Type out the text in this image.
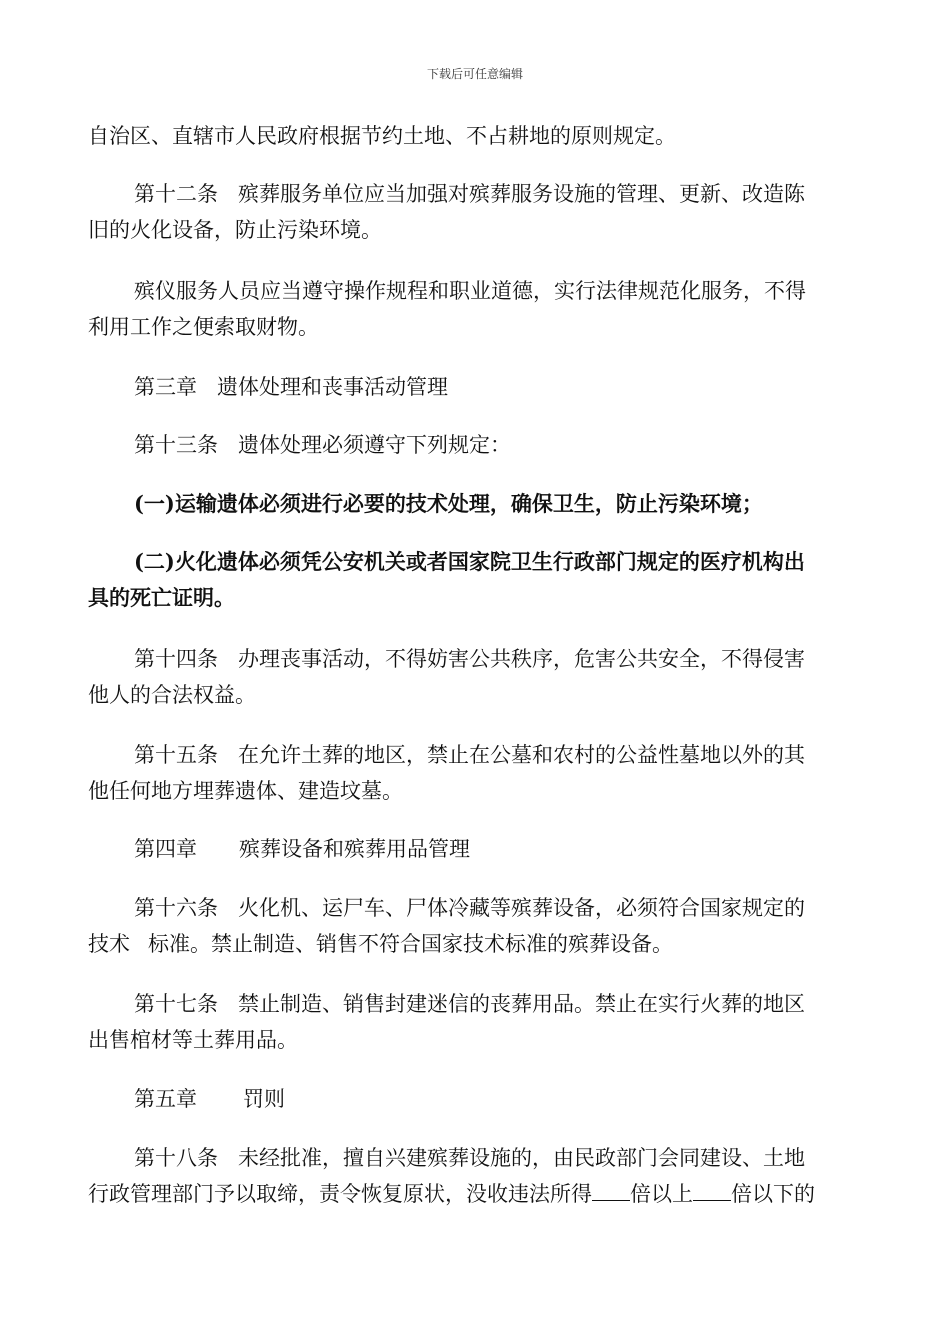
下载后可任意编辑
自治区、直辖市人民政府根据节约土地、不占耕地的原则规定。
第十二条 殡葬服务单位应当加强对殡葬服务设施的管理、更新、改造陈
旧的火化设备，防止污染环境。
殡仪服务人员应当遵守操作规程和职业道德，实行法律规范化服务，不得
利用工作之便索取财物。
第三章 遗体处理和丧事活动管理
第十三条 遗体处理必须遵守下列规定：
(一)运输遗体必须进行必要的技术处理，确保卫生，防止污染环境；
(二)火化遗体必须凭公安机关或者国家院卫生行政部门规定的医疗机构出
具的死亡证明。
第十四条 办理丧事活动，不得妨害公共秩序，危害公共安全，不得侵害
他人的合法权益。
第十五条 在允许土葬的地区，禁止在公墓和农村的公益性墓地以外的其
他任何地方埋葬遗体、建造坟墓。
第四章 殡葬设备和殡葬用品管理
第十六条 火化机、运尸车、尸体冷藏等殡葬设备，必须符合国家规定的
技术 标准。禁止制造、销售不符合国家技术标准的殡葬设备。
第十七条 禁止制造、销售封建迷信的丧葬用品。禁止在实行火葬的地区
出售棺材等土葬用品。
第五章 罚则
第十八条 未经批准，擅自兴建殡葬设施的，由民政部门会同建设、土地
行政管理部门予以取缔，责令恢复原状，没收违法所得 倍以上 倍以下的
